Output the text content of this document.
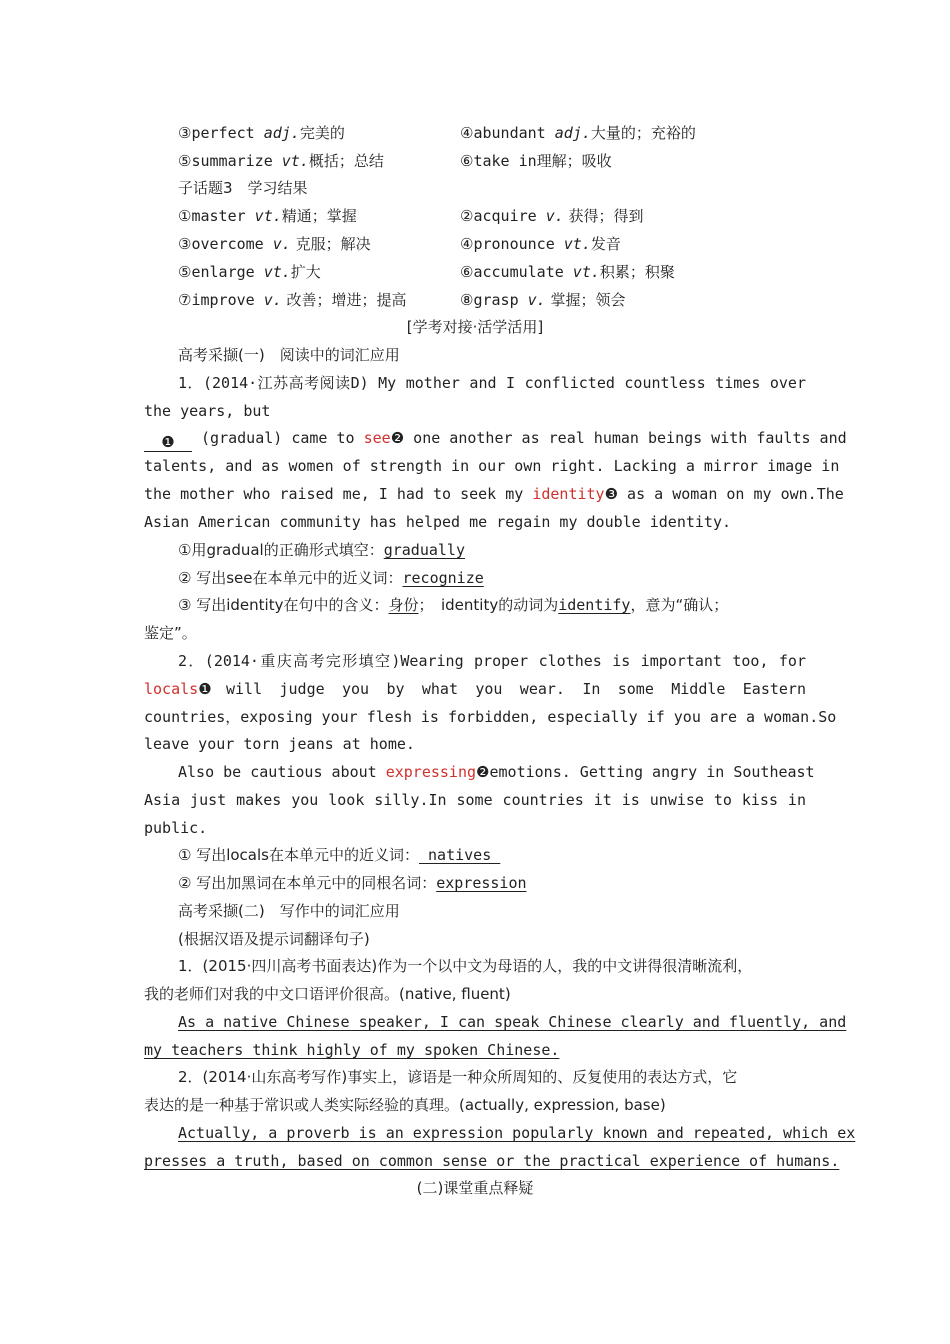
③perfect adj.完美的	④abundant adj.大量的；充裕的
⑤summarize vt.概括；总结	⑥take in理解；吸收
子话题3　学习结果
①master vt.精通；掌握	②acquire v. 获得；得到
③overcome v. 克服；解决	④pronounce vt.发音
⑤enlarge vt.扩大	⑥accumulate vt.积累；积聚
⑦improve v. 改善；增进；提高	⑧grasp v. 掌握；领会
[学考对接·活学活用]
高考采撷(一)　阅读中的词汇应用
1．(2014·江苏高考阅读D) My mother and I conflicted countless times over
the years, but
❶ (gradual) came to see❷ one another as real human beings with faults and
talents, and as women of strength in our own right. Lacking a mirror image in
the mother who raised me, I had to seek my identity❸ as a woman on my own.The
Asian American community has helped me regain my double identity.
①用gradual的正确形式填空：gradually
② 写出see在本单元中的近义词：recognize
③ 写出identity在句中的含义：身份；　identity的动词为identify，意为“确认；
鉴定”。
2．(2014·重庆高考完形填空)Wearing proper clothes is important too, for
locals❶ will judge you by what you wear. In some Middle Eastern
countries，exposing your flesh is forbidden, especially if you are a woman.So
leave your torn jeans at home.
Also be cautious about expressing❷ emotions. Getting angry in Southeast
Asia just makes you look silly.In some countries it is unwise to kiss in
public.
① 写出locals在本单元中的近义词： natives
② 写出加黑词在本单元中的同根名词：expression
高考采撷(二)　写作中的词汇应用
(根据汉语及提示词翻译句子)
1．(2015·四川高考书面表达)作为一个以中文为母语的人，我的中文讲得很清晰流利，
我的老师们对我的中文口语评价很高。(native, fluent)
As a native Chinese speaker, I can speak Chinese clearly and fluently, and
my teachers think highly of my spoken Chinese.
2．(2014·山东高考写作)事实上，谚语是一种众所周知的、反复使用的表达方式，它
表达的是一种基于常识或人类实际经验的真理。(actually, expression, base)
Actually, a proverb is an expression popularly known and repeated, which ex
presses a truth, based on common sense or the practical experience of humans.
(二)课堂重点释疑
